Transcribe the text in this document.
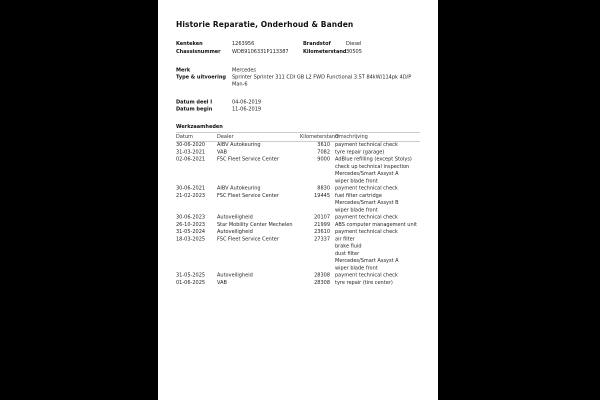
Historie Reparatie, Onderhoud & Banden
Kenteken	1263956	Brandstof	Diesel
Chassisnummer	WDB9106331P113387	Kilometerstand 30505
Merk	Mercedes
Type & uitvoering Sprinter Sprinter 311 CDI GB L2 FWD Functional 3.5T 84kW/114pk 4D/P Man-6
Datum deel I	04-06-2019
Datum begin	11-06-2019
Werkzaamheden
Datum	Dealer	Kilometerstand
Omschrijving
30-06-2020	AIBV Autokeuring	3610 payment technical check
31-03-2021	VAB	7082 tyre repair (garage)
02-06-2021	FSC Fleet Service Center	9000 AdBlue refilling (except Stolys)
check up technical inspection
Mercedes/Smart Assyst A
wiper blade front
30-06-2021	AIBV Autokeuring	8830 payment technical check
21-02-2023	FSC Fleet Service Center	19445 fuel filter cartridge
Mercedes/Smart Assyst B
wiper blade front
30-06-2023	Autoveiligheid	20107 payment technical check
26-10-2023	Star Mobility Center Mechelen	21999 ABS computer management unit
31-05-2024	Autoveiligheid	23610 payment technical check
18-03-2025	FSC Fleet Service Center	27337 air filter
brake fluid
dust filter
Mercedes/Smart Assyst A
wiper blade front
31-05-2025	Autoveiligheid	28308 payment technical check
01-06-2025	VAB	28308 tyre repair (tire center)
